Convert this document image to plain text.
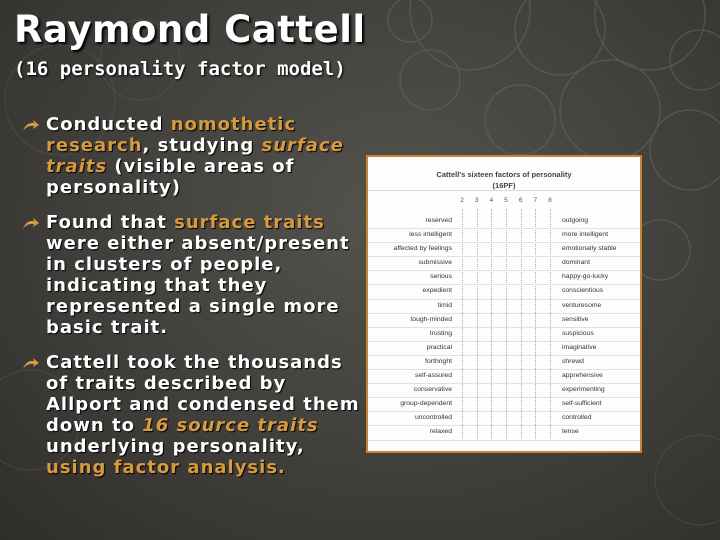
Raymond Cattell
(16 personality factor model)
Conducted nomothetic research, studying surface traits (visible areas of personality)
Found that surface traits were either absent/present in clusters of people, indicating that they represented a single more basic trait.
Cattell took the thousands of traits described by Allport and condensed them down to 16 source traits underlying personality, using factor analysis.
Cattell's sixteen factors of personality
(16PF)
2	3	4	5	6	7	8
reserved	outgoing
less intelligent	more intelligent
affected by feelings	emotionally stable
submissive	dominant
serious	happy-go-lucky
expedient	conscientious
timid	venturesome
tough-minded	sensitive
trusting	suspicious
practical	imaginative
forthright	shrewd
self-assured	apprehensive
conservative	experimenting
group-dependent	self-sufficient
uncontrolled	controlled
relaxed	tense
